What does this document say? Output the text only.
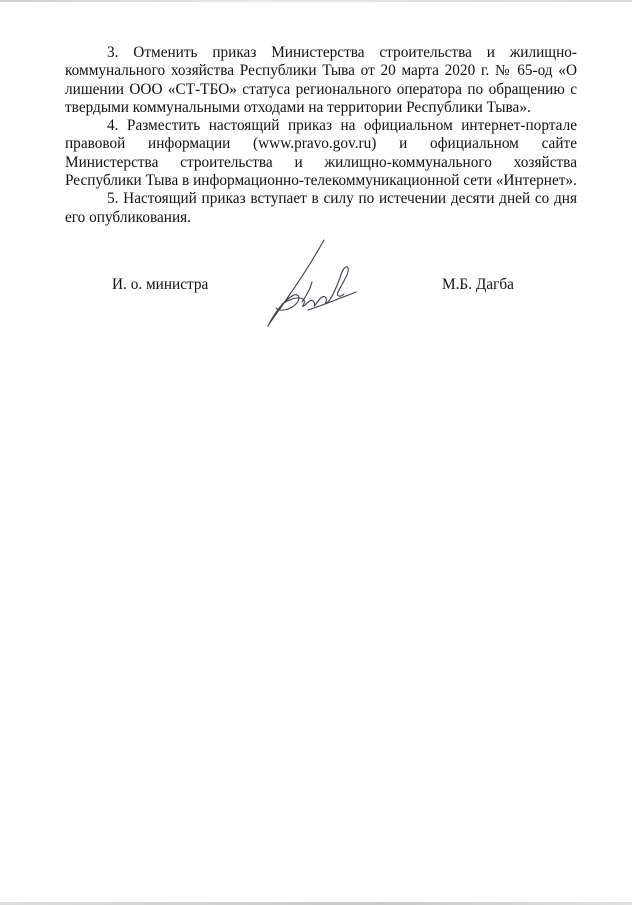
3. Отменить приказ Министерства строительства и жилищно-коммунального хозяйства Республики Тыва от 20 марта 2020 г. № 65-од «О лишении ООО «СТ-ТБО» статуса регионального оператора по обращению с твердыми коммунальными отходами на территории Республики Тыва».

4. Разместить настоящий приказ на официальном интернет-портале правовой информации (www.pravo.gov.ru) и официальном сайте Министерства строительства и жилищно-коммунального хозяйства Республики Тыва в информационно-телекоммуникационной сети «Интернет».

5. Настоящий приказ вступает в силу по истечении десяти дней со дня его опубликования.

И. о. министра	М.Б. Дагба
